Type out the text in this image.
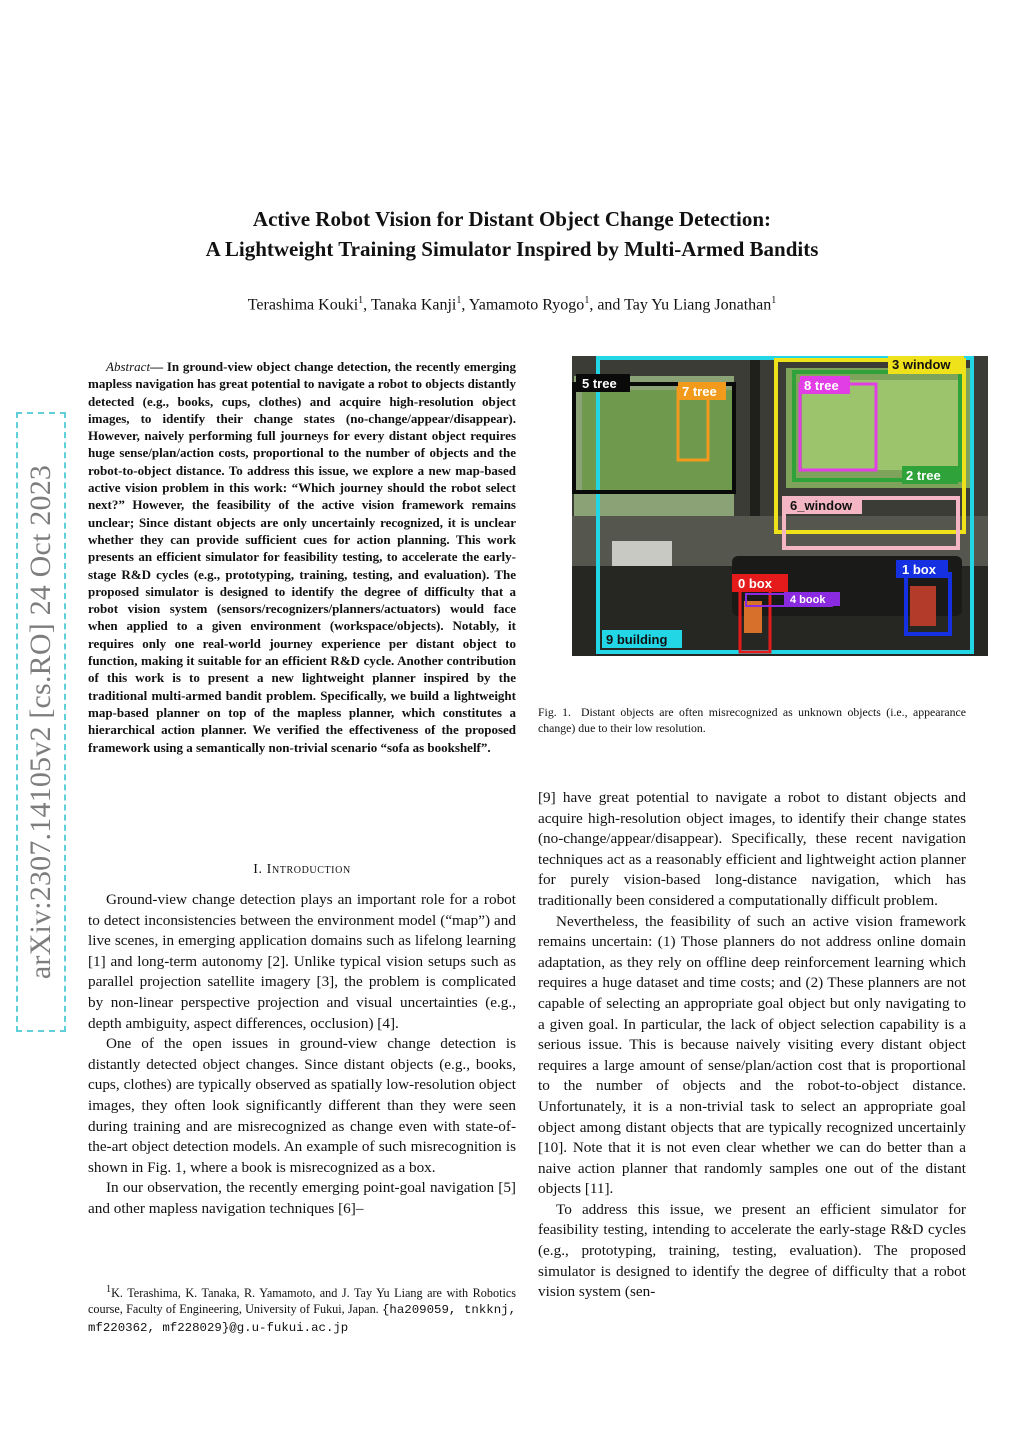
arXiv:2307.14105v2 [cs.RO] 24 Oct 2023
Active Robot Vision for Distant Object Change Detection:
A Lightweight Training Simulator Inspired by Multi-Armed Bandits
Terashima Kouki$^1$, Tanaka Kanji$^1$, Yamamoto Ryogo$^1$, and Tay Yu Liang Jonathan$^1$

Abstract— In ground-view object change detection, the recently emerging mapless navigation has great potential to navigate a robot to objects distantly detected (e.g., books, cups, clothes) and acquire high-resolution object images, to identify their change states (no-change/appear/disappear). However, naively performing full journeys for every distant object requires huge sense/plan/action costs, proportional to the number of objects and the robot-to-object distance. To address this issue, we explore a new map-based active vision problem in this work: “Which journey should the robot select next?” However, the feasibility of the active vision framework remains unclear; Since distant objects are only uncertainly recognized, it is unclear whether they can provide sufficient cues for action planning. This work presents an efficient simulator for feasibility testing, to accelerate the early-stage R&D cycles (e.g., prototyping, training, testing, and evaluation). The proposed simulator is designed to identify the degree of difficulty that a robot vision system (sensors/recognizers/planners/actuators) would face when applied to a given environment (workspace/objects). Notably, it requires only one real-world journey experience per distant object to function, making it suitable for an efficient R&D cycle. Another contribution of this work is to present a new lightweight planner inspired by the traditional multi-armed bandit problem. Specifically, we build a lightweight map-based planner on top of the mapless planner, which constitutes a hierarchical action planner. We verified the effectiveness of the proposed framework using a semantically non-trivial scenario “sofa as bookshelf”.

I. Introduction

Ground-view change detection plays an important role for a robot to detect inconsistencies between the environment model (“map”) and live scenes, in emerging application domains such as lifelong learning [1] and long-term autonomy [2]. Unlike typical vision setups such as parallel projection satellite imagery [3], the problem is complicated by non-linear perspective projection and visual uncertainties (e.g., depth ambiguity, aspect differences, occlusion) [4].

One of the open issues in ground-view change detection is distantly detected object changes. Since distant objects (e.g., books, cups, clothes) are typically observed as spatially low-resolution object images, they often look significantly different than they were seen during training and are misrecognized as change even with state-of-the-art object detection models. An example of such misrecognition is shown in Fig. 1, where a book is misrecognized as a box.

In our observation, the recently emerging point-goal navigation [5] and other mapless navigation techniques [6]–

$^1$K. Terashima, K. Tanaka, R. Yamamoto, and J. Tay Yu Liang are with Robotics course, Faculty of Engineering, University of Fukui, Japan. {ha209059, tnkknj, mf220362, mf228029}@g.u-fukui.ac.jp

5 tree
7 tree	8 tree
3 window
2 tree
6_window
1 box
0 box
4 book
9 building
Fig. 1. Distant objects are often misrecognized as unknown objects (i.e., appearance change) due to their low resolution.

[9] have great potential to navigate a robot to distant objects and acquire high-resolution object images, to identify their change states (no-change/appear/disappear). Specifically, these recent navigation techniques act as a reasonably efficient and lightweight action planner for purely vision-based long-distance navigation, which has traditionally been considered a computationally difficult problem.

Nevertheless, the feasibility of such an active vision framework remains uncertain: (1) Those planners do not address online domain adaptation, as they rely on offline deep reinforcement learning which requires a huge dataset and time costs; and (2) These planners are not capable of selecting an appropriate goal object but only navigating to a given goal. In particular, the lack of object selection capability is a serious issue. This is because naively visiting every distant object requires a large amount of sense/plan/action cost that is proportional to the number of objects and the robot-to-object distance. Unfortunately, it is a non-trivial task to select an appropriate goal object among distant objects that are typically recognized uncertainly [10]. Note that it is not even clear whether we can do better than a naive action planner that randomly samples one out of the distant objects [11].

To address this issue, we present an efficient simulator for feasibility testing, intending to accelerate the early-stage R&D cycles (e.g., prototyping, training, testing, evaluation). The proposed simulator is designed to identify the degree of difficulty that a robot vision system (sen-
